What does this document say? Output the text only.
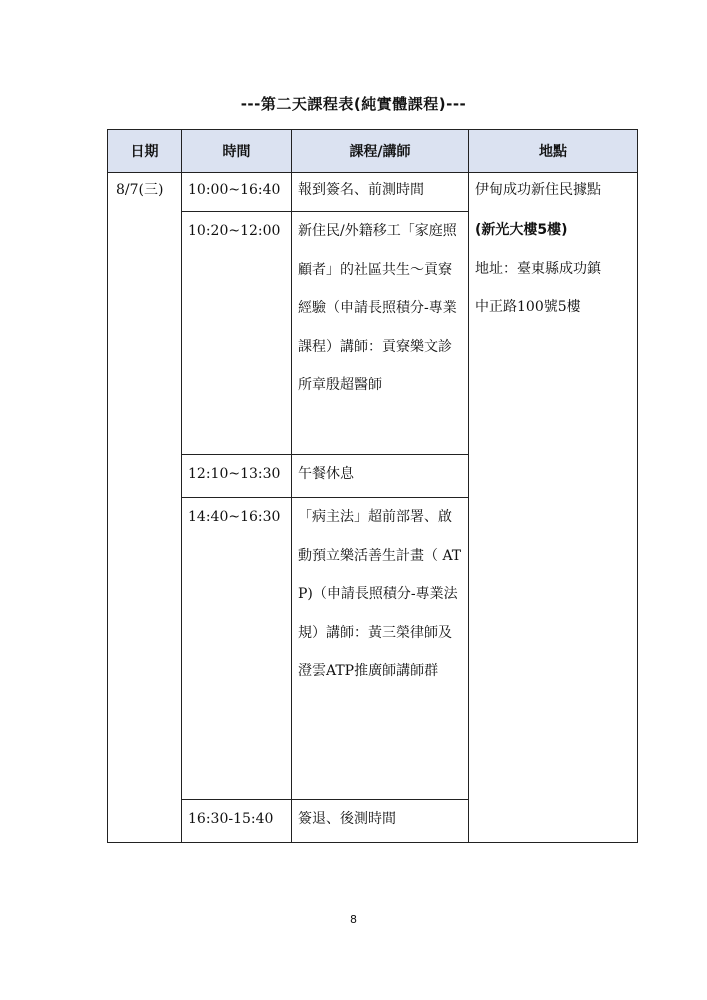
---第二天課程表(純實體課程)---
日期	時間	課程/講師	地點

8/7(三)	10:00~16:40	報到簽名、前測時間	伊甸成功新住民據點
(新光大樓5樓)
地址：臺東縣成功鎮
中正路100號5樓

	10:20~12:00	新住民/外籍移工「家庭照顧者」的社區共生～貢寮經驗（申請長照積分-專業課程）講師：貢寮樂文診所章殷超醫師	

	12:10~13:30	午餐休息	

	14:40~16:30	「病主法」超前部署、啟動預立樂活善生計畫（ ATP)（申請長照積分-專業法規）講師：黃三榮律師及澄雲ATP推廣師講師群	

	16:30-15:40	簽退、後測時間	
8
